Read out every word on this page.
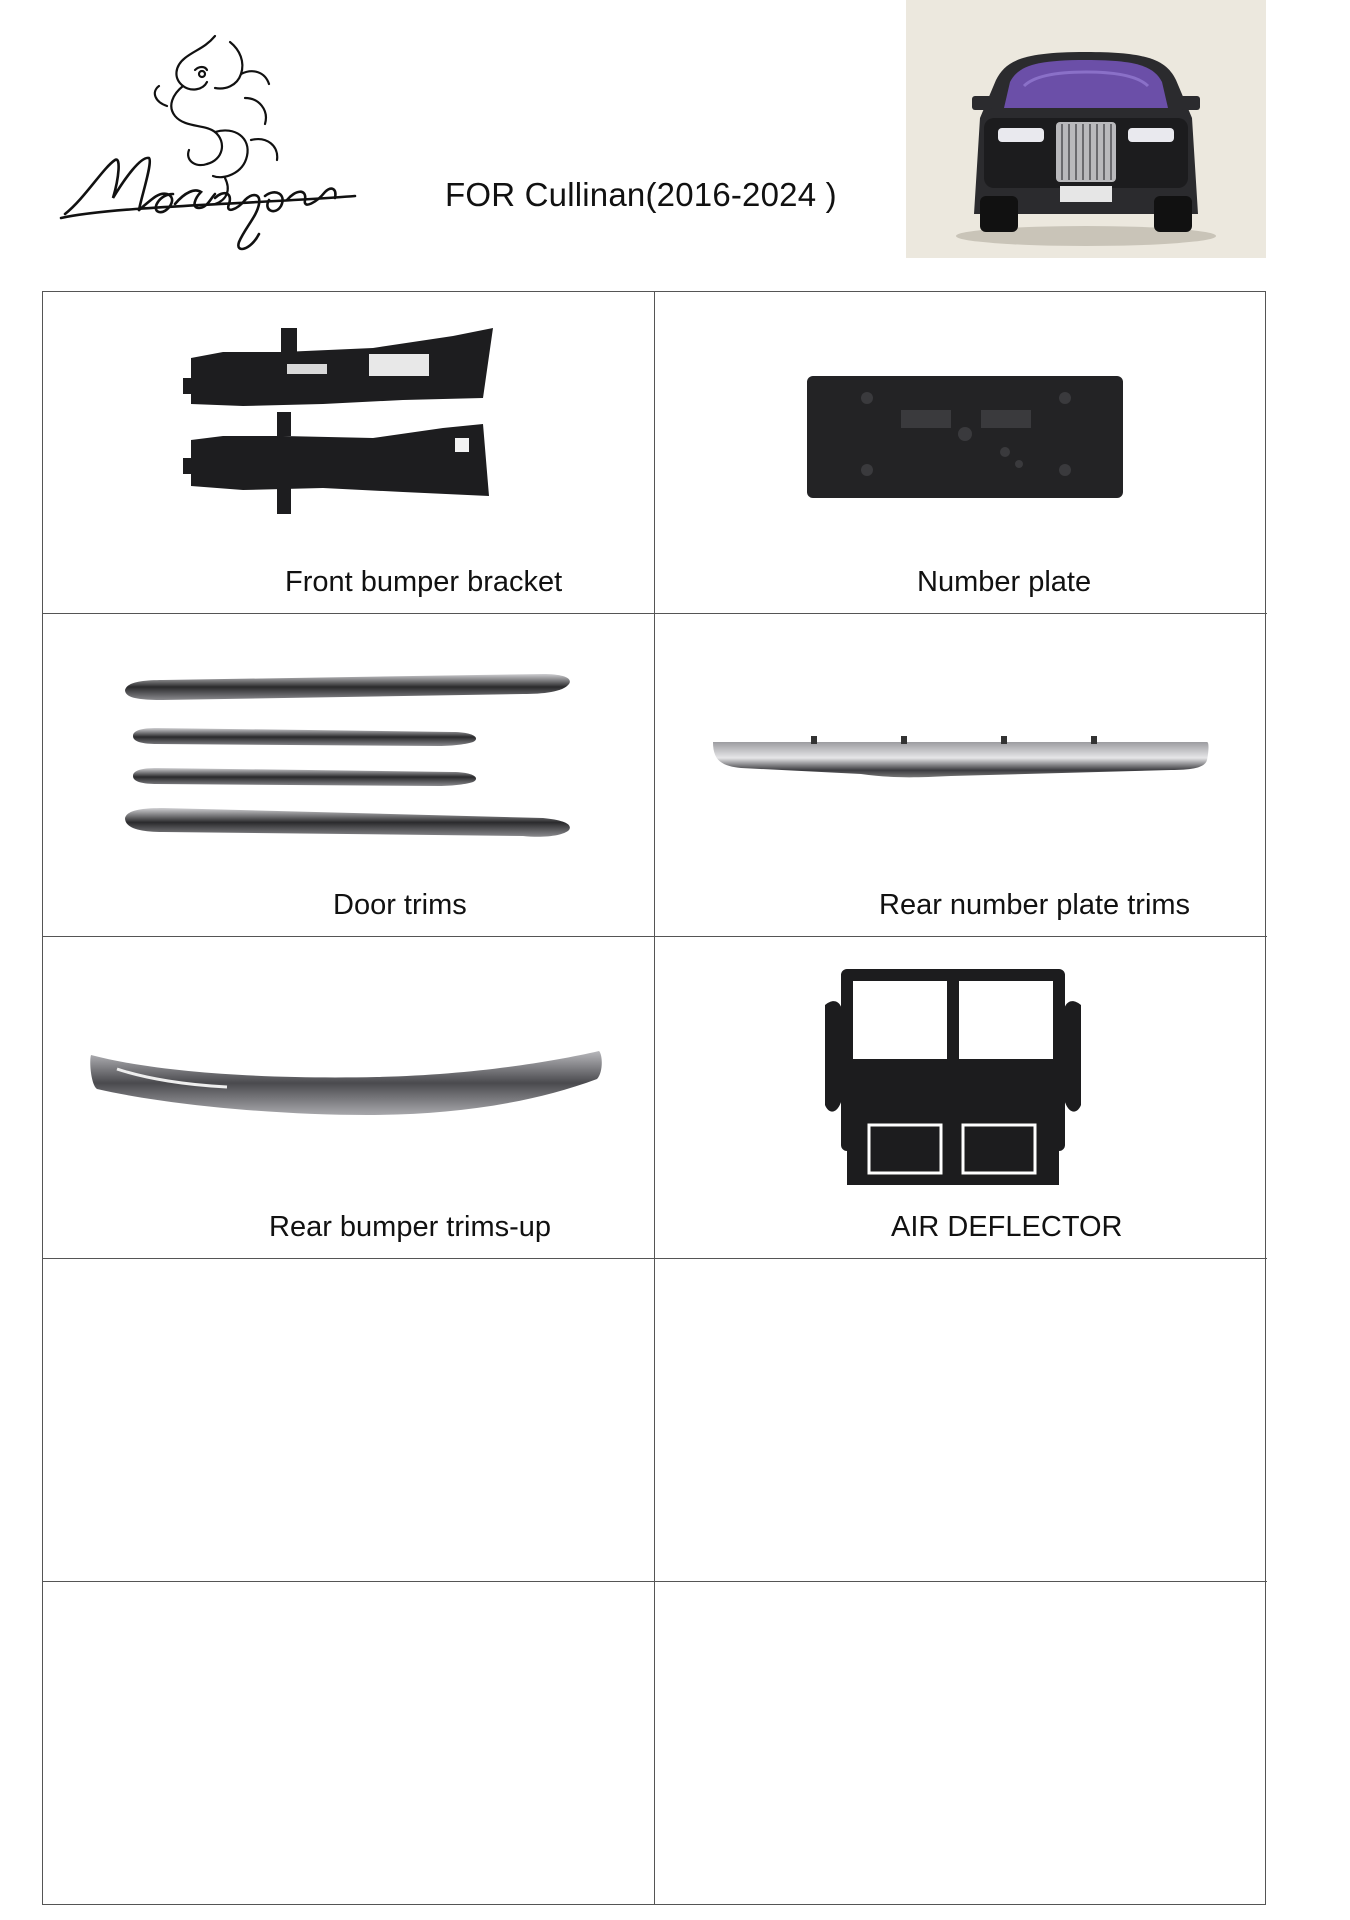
FOR Cullinan(2016-2024 )
Front bumper bracket	Number plate
Door trims	Rear number plate trims
Rear bumper trims-up	AIR DEFLECTOR
